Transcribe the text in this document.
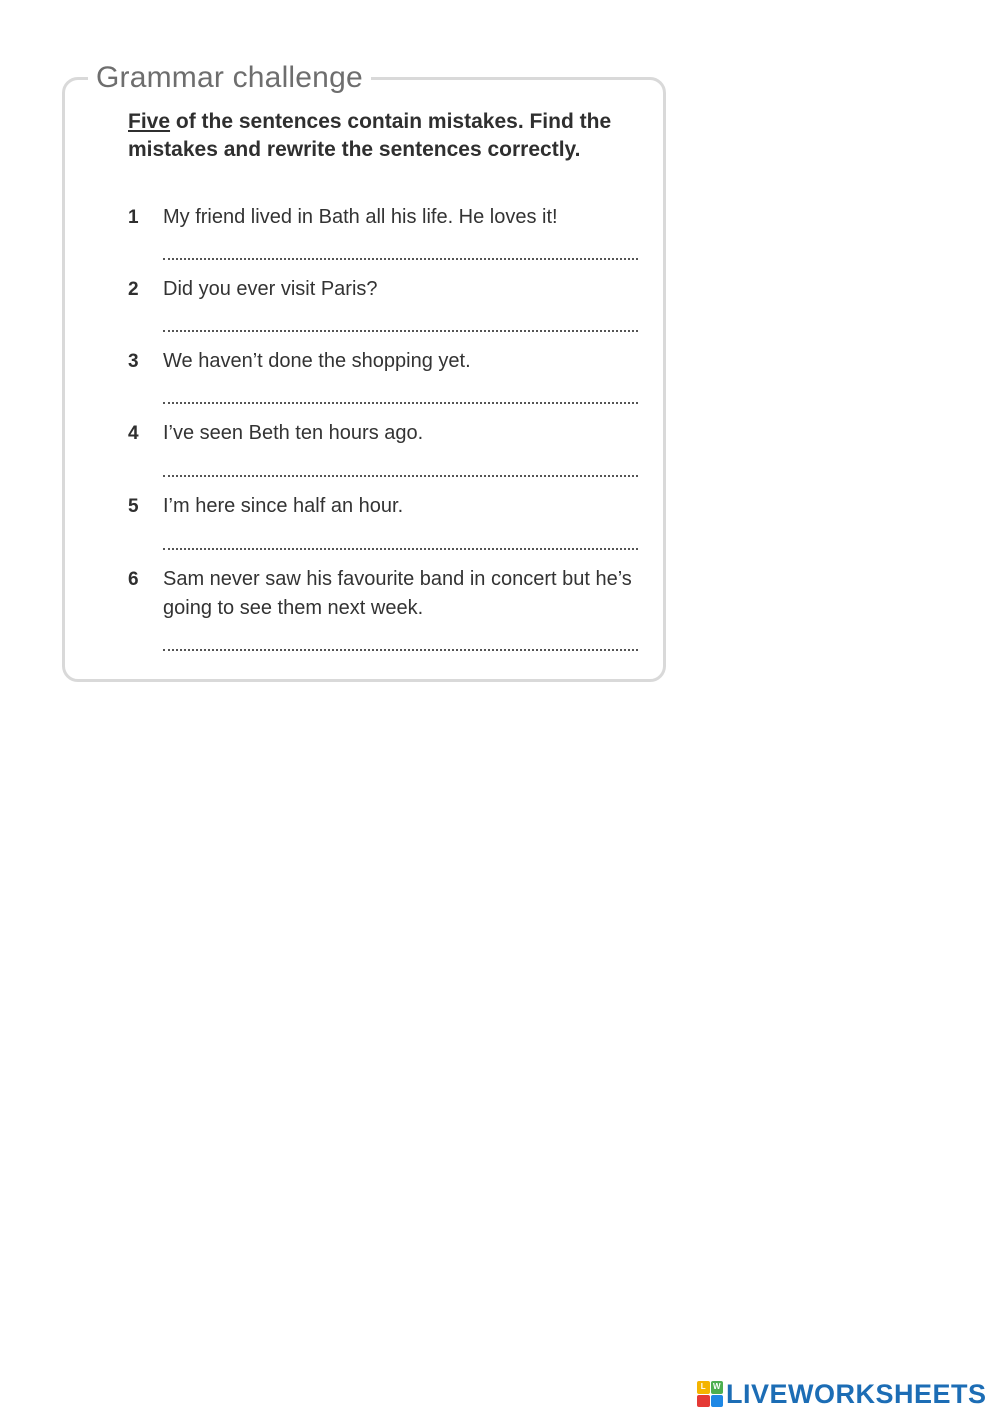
Grammar challenge
Five of the sentences contain mistakes. Find the mistakes and rewrite the sentences correctly.
1 My friend lived in Bath all his life. He loves it!
2 Did you ever visit Paris?
3 We haven’t done the shopping yet.
4 I’ve seen Beth ten hours ago.
5 I’m here since half an hour.
6 Sam never saw his favourite band in concert but he’s going to see them next week.
L W LIVEWORKSHEETS
